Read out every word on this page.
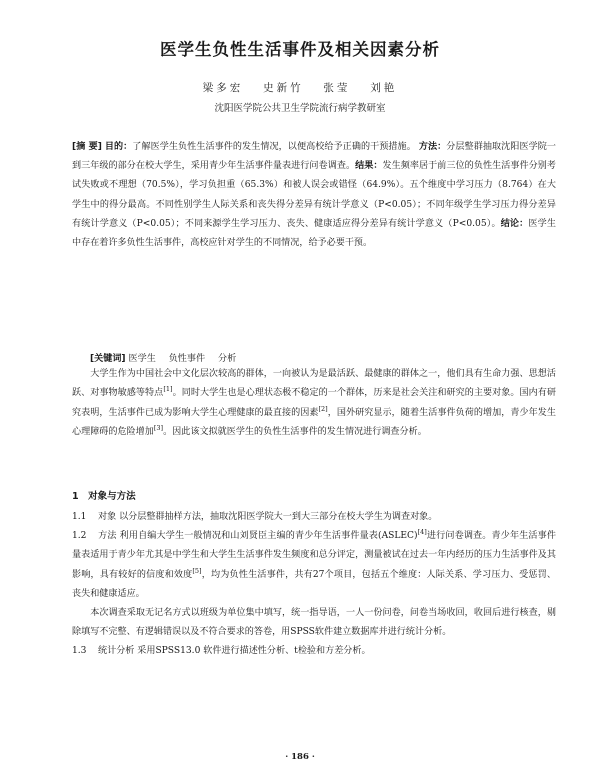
医学生负性生活事件及相关因素分析
梁多宏　 史新竹　 张莹　 刘艳
沈阳医学院公共卫生学院流行病学教研室
[摘 要] 目的：了解医学生负性生活事件的发生情况，以便高校给予正确的干预措施。 方法：分层整群抽取沈阳医学院一到三年级的部分在校大学生，采用青少年生活事件量表进行问卷调查。结果：发生频率居于前三位的负性生活事件分别考试失败或不理想（70.5%），学习负担重（65.3%）和被人误会或错怪（64.9%）。五个维度中学习压力（8.764）在大学生中的得分最高。不同性别学生人际关系和丧失得分差异有统计学意义（P<0.05）；不同年级学生学习压力得分差异有统计学意义（P<0.05）；不同来源学生学习压力、丧失、健康适应得分差异有统计学意义（P<0.05）。结论：医学生中存在着许多负性生活事件，高校应针对学生的不同情况，给予必要干预。
[关键词] 医学生 负性事件 分析

大学生作为中国社会中文化层次较高的群体，一向被认为是最活跃、最健康的群体之一，他们具有生命力强、思想活跃、对事物敏感等特点[1]。同时大学生也是心理状态极不稳定的一个群体，历来是社会关注和研究的主要对象。国内有研究表明，生活事件已成为影响大学生心理健康的最直接的因素[2]，国外研究显示，随着生活事件负荷的增加，青少年发生心理障碍的危险增加[3]。因此该文拟就医学生的负性生活事件的发生情况进行调查分析。

1　对象与方法

1.1 对象 以分层整群抽样方法，抽取沈阳医学院大一到大三部分在校大学生为调查对象。

1.2 方法 利用自编大学生一般情况和山刘贤臣主编的青少年生活事件量表(ASLEC)[4]进行问卷调查。青少年生活事件量表适用于青少年尤其是中学生和大学生生活事件发生频度和总分评定，测量被试在过去一年内经历的压力生活事件及其影响，具有较好的信度和效度[5]，均为负性生活事件，共有27个项目，包括五个维度：人际关系、学习压力、受惩罚、丧失和健康适应。

本次调查采取无记名方式以班级为单位集中填写，统一指导语，一人一份问卷，问卷当场收回，收回后进行核查，剔除填写不完整、有逻辑错误以及不符合要求的答卷，用SPSS软件建立数据库并进行统计分析。

1.3 统计分析 采用SPSS13.0 软件进行描述性分析、t检验和方差分析。

· 186 ·
